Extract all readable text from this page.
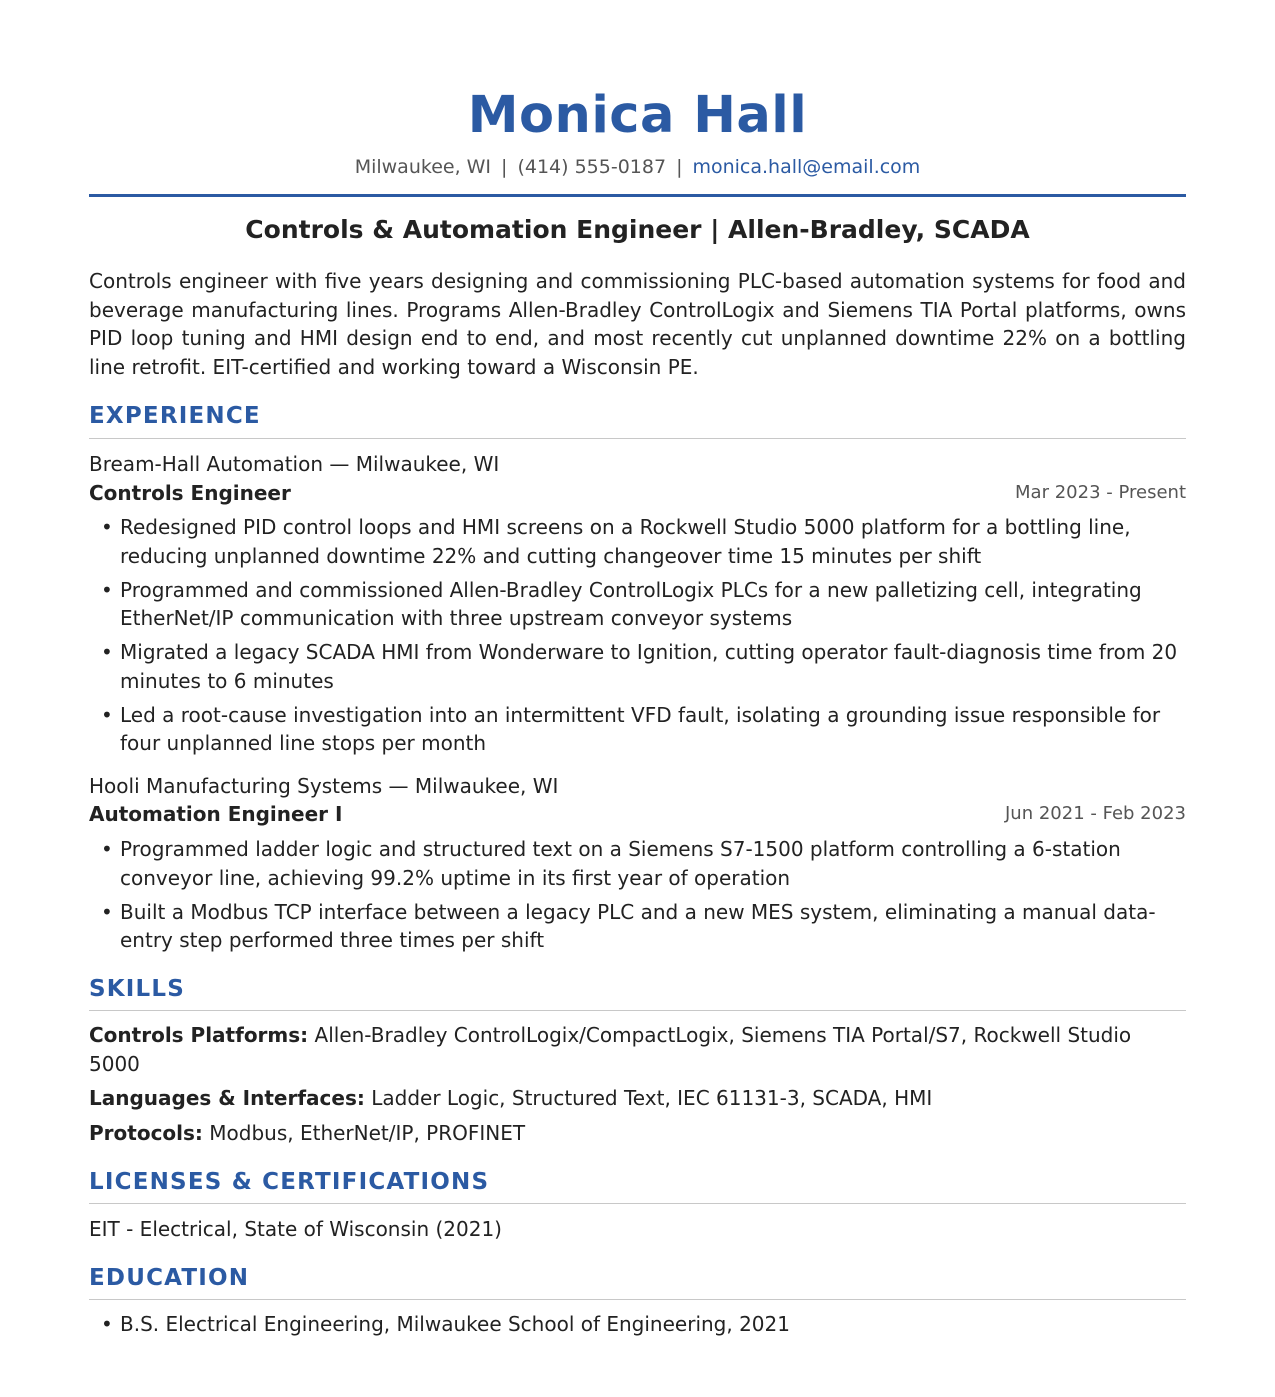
Monica Hall
Milwaukee, WI | (414) 555-0187 | monica.hall@email.com
Controls & Automation Engineer | Allen-Bradley, SCADA
Controls engineer with five years designing and commissioning PLC-based automation systems for food and beverage manufacturing lines. Programs Allen-Bradley ControlLogix and Siemens TIA Portal platforms, owns PID loop tuning and HMI design end to end, and most recently cut unplanned downtime 22% on a bottling line retrofit. EIT-certified and working toward a Wisconsin PE.
EXPERIENCE
Bream-Hall Automation — Milwaukee, WI
Controls Engineer	Mar 2023 - Present
• Redesigned PID control loops and HMI screens on a Rockwell Studio 5000 platform for a bottling line, reducing unplanned downtime 22% and cutting changeover time 15 minutes per shift
• Programmed and commissioned Allen-Bradley ControlLogix PLCs for a new palletizing cell, integrating EtherNet/IP communication with three upstream conveyor systems
• Migrated a legacy SCADA HMI from Wonderware to Ignition, cutting operator fault-diagnosis time from 20 minutes to 6 minutes
• Led a root-cause investigation into an intermittent VFD fault, isolating a grounding issue responsible for four unplanned line stops per month
Hooli Manufacturing Systems — Milwaukee, WI
Automation Engineer I	Jun 2021 - Feb 2023
• Programmed ladder logic and structured text on a Siemens S7-1500 platform controlling a 6-station conveyor line, achieving 99.2% uptime in its first year of operation
• Built a Modbus TCP interface between a legacy PLC and a new MES system, eliminating a manual data-entry step performed three times per shift
SKILLS
Controls Platforms: Allen-Bradley ControlLogix/CompactLogix, Siemens TIA Portal/S7, Rockwell Studio 5000
Languages & Interfaces: Ladder Logic, Structured Text, IEC 61131-3, SCADA, HMI
Protocols: Modbus, EtherNet/IP, PROFINET
LICENSES & CERTIFICATIONS
EIT - Electrical, State of Wisconsin (2021)
EDUCATION
• B.S. Electrical Engineering, Milwaukee School of Engineering, 2021
